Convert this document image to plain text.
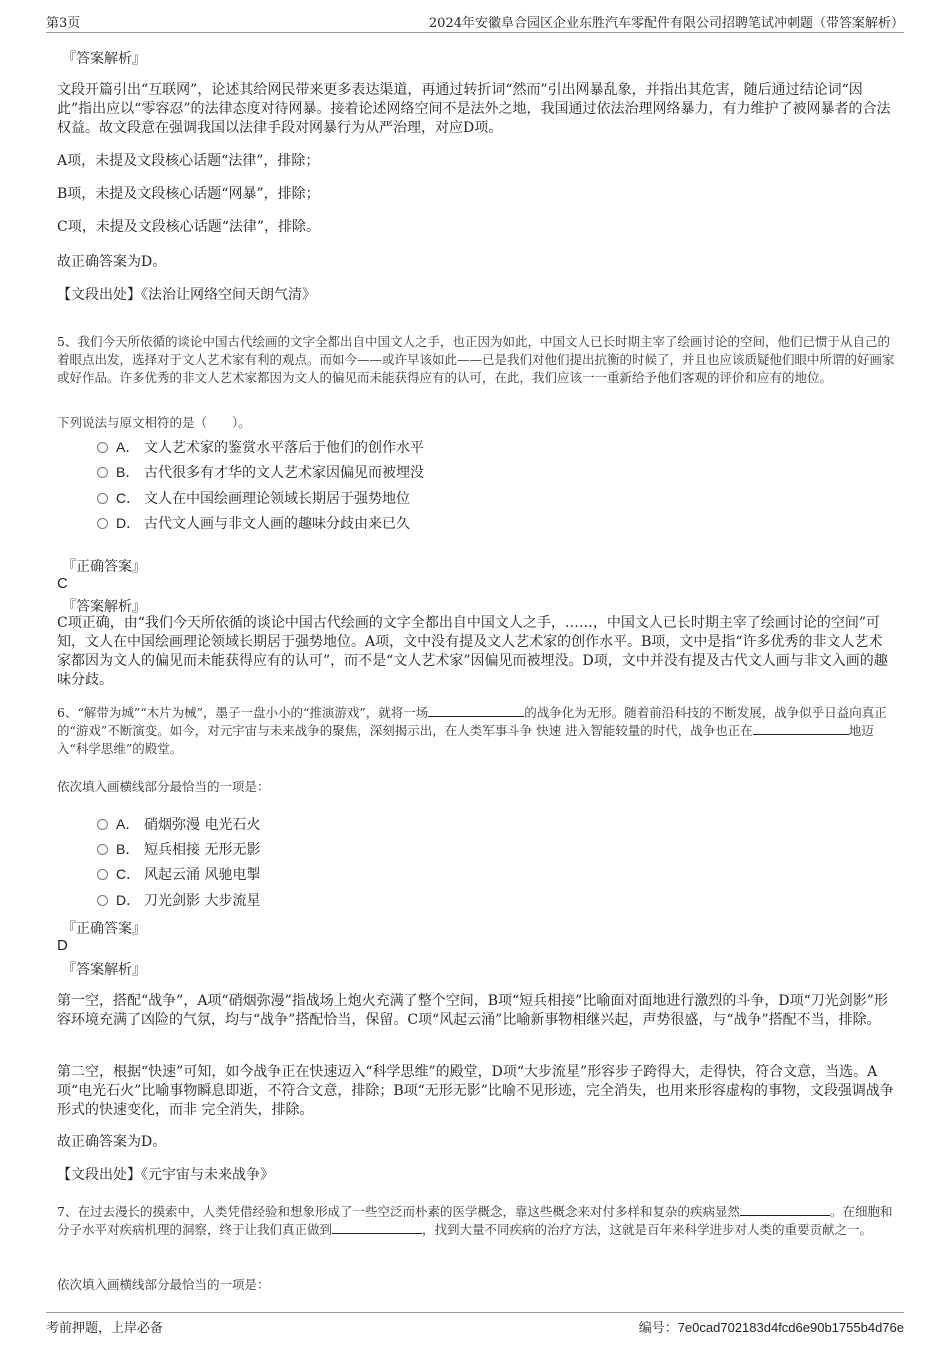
第3页	2024年安徽阜合园区企业东胜汽车零配件有限公司招聘笔试冲刺题（带答案解析）
『答案解析』
文段开篇引出“互联网”，论述其给网民带来更多表达渠道，再通过转折词“然而”引出网暴乱象，并指出其危害，随后通过结论词“因此”指出应以“零容忍”的法律态度对待网暴。接着论述网络空间不是法外之地，我国通过依法治理网络暴力，有力维护了被网暴者的合法权益。故文段意在强调我国以法律手段对网暴行为从严治理，对应D项。
A项，未提及文段核心话题“法律”，排除；
B项，未提及文段核心话题“网暴”，排除；
C项，未提及文段核心话题“法律”，排除。
故正确答案为D。
【文段出处】《法治让网络空间天朗气清》
5、我们今天所依循的谈论中国古代绘画的文字全都出自中国文人之手，也正因为如此，中国文人已长时期主宰了绘画讨论的空间，他们已惯于从自己的着眼点出发，选择对于文人艺术家有利的观点。而如今——或许早该如此——已是我们对他们提出抗衡的时候了，并且也应该质疑他们眼中所谓的好画家或好作品。许多优秀的非文人艺术家都因为文人的偏见而未能获得应有的认可，在此，我们应该一一重新给予他们客观的评价和应有的地位。
下列说法与原文相符的是（　　）。
A． 文人艺术家的鉴赏水平落后于他们的创作水平
B． 古代很多有才华的文人艺术家因偏见而被埋没
C． 文人在中国绘画理论领域长期居于强势地位
D． 古代文人画与非文人画的趣味分歧由来已久
『正确答案』
C
『答案解析』
C项正确，由“我们今天所依循的谈论中国古代绘画的文字全都出自中国文人之手，……，中国文人已长时期主宰了绘画讨论的空间”可知，文人在中国绘画理论领域长期居于强势地位。A项，文中没有提及文人艺术家的创作水平。B项，文中是指“许多优秀的非文人艺术家都因为文人的偏见而未能获得应有的认可”，而不是“文人艺术家”因偏见而被埋没。D项，文中并没有提及古代文人画与非文入画的趣味分歧。
6、“解带为城”“木片为械”，墨子一盘小小的“推演游戏”，就将一场	的战争化为无形。随着前沿科技的不断发展，战争似乎日益向真正的“游戏”不断演变。如今，对元宇宙与未来战争的聚焦，深刻揭示出，在人类军事斗争 快速 进入智能较量的时代，战争也正在	地迈入“科学思维”的殿堂。
依次填入画横线部分最恰当的一项是：
A． 硝烟弥漫 电光石火
B． 短兵相接 无形无影
C． 风起云涌 风驰电掣
D． 刀光剑影 大步流星
『正确答案』
D
『答案解析』
第一空，搭配“战争”，A项“硝烟弥漫”指战场上炮火充满了整个空间，B项“短兵相接”比喻面对面地进行激烈的斗争，D项“刀光剑影”形容环境充满了凶险的气氛，均与“战争”搭配恰当，保留。C项“风起云涌”比喻新事物相继兴起，声势很盛，与“战争”搭配不当，排除。
第二空，根据“快速”可知，如今战争正在快速迈入“科学思维”的殿堂，D项“大步流星”形容步子跨得大，走得快，符合文意，当选。A项“电光石火”比喻事物瞬息即逝，不符合文意，排除；B项“无形无影”比喻不见形迹，完全消失，也用来形容虚构的事物，文段强调战争形式的快速变化，而非 完全消失，排除。
故正确答案为D。
【文段出处】《元宇宙与未来战争》
7、在过去漫长的摸索中，人类凭借经验和想象形成了一些空泛而朴素的医学概念，靠这些概念来对付多样和复杂的疾病显然	。在细胞和分子水平对疾病机理的洞察，终于让我们真正做到	，找到大量不同疾病的治疗方法，这就是百年来科学进步对人类的重要贡献之一。
依次填入画横线部分最恰当的一项是：
考前押题，上岸必备	编号：7e0cad702183d4fcd6e90b1755b4d76e
